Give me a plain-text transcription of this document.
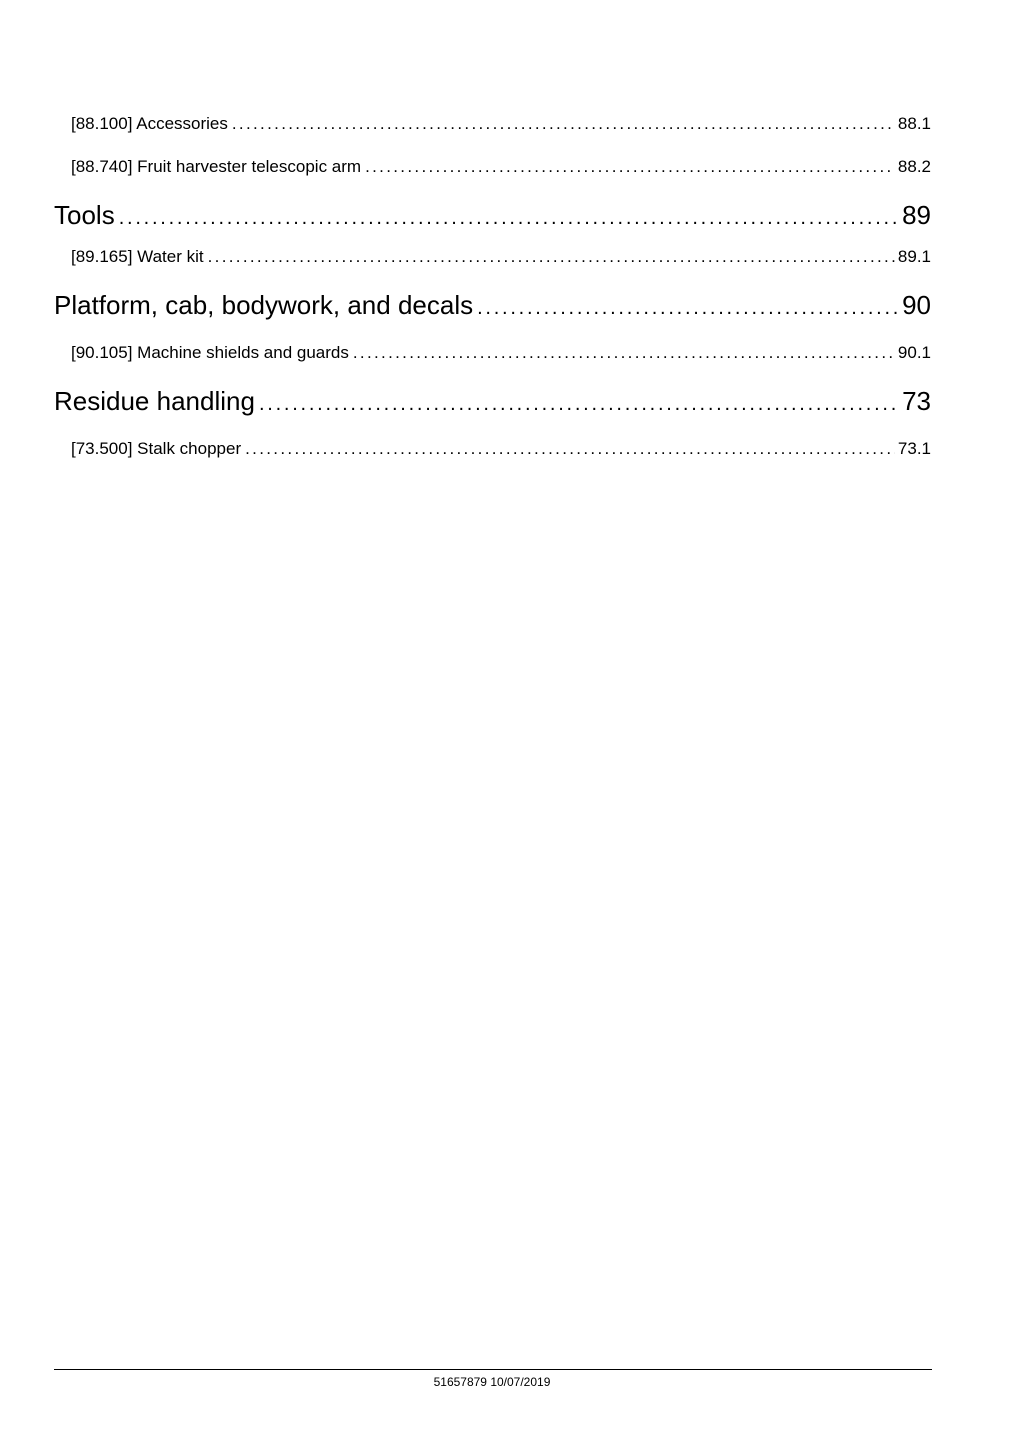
[88.100] Accessories . . .	88.1
[88.740] Fruit harvester telescopic arm . . .	88.2
Tools . . .	89
[89.165] Water kit . . .	89.1
Platform, cab, bodywork, and decals . . .	90
[90.105] Machine shields and guards . . .	90.1
Residue handling . . .	73
[73.500] Stalk chopper . . .	73.1
51657879 10/07/2019
